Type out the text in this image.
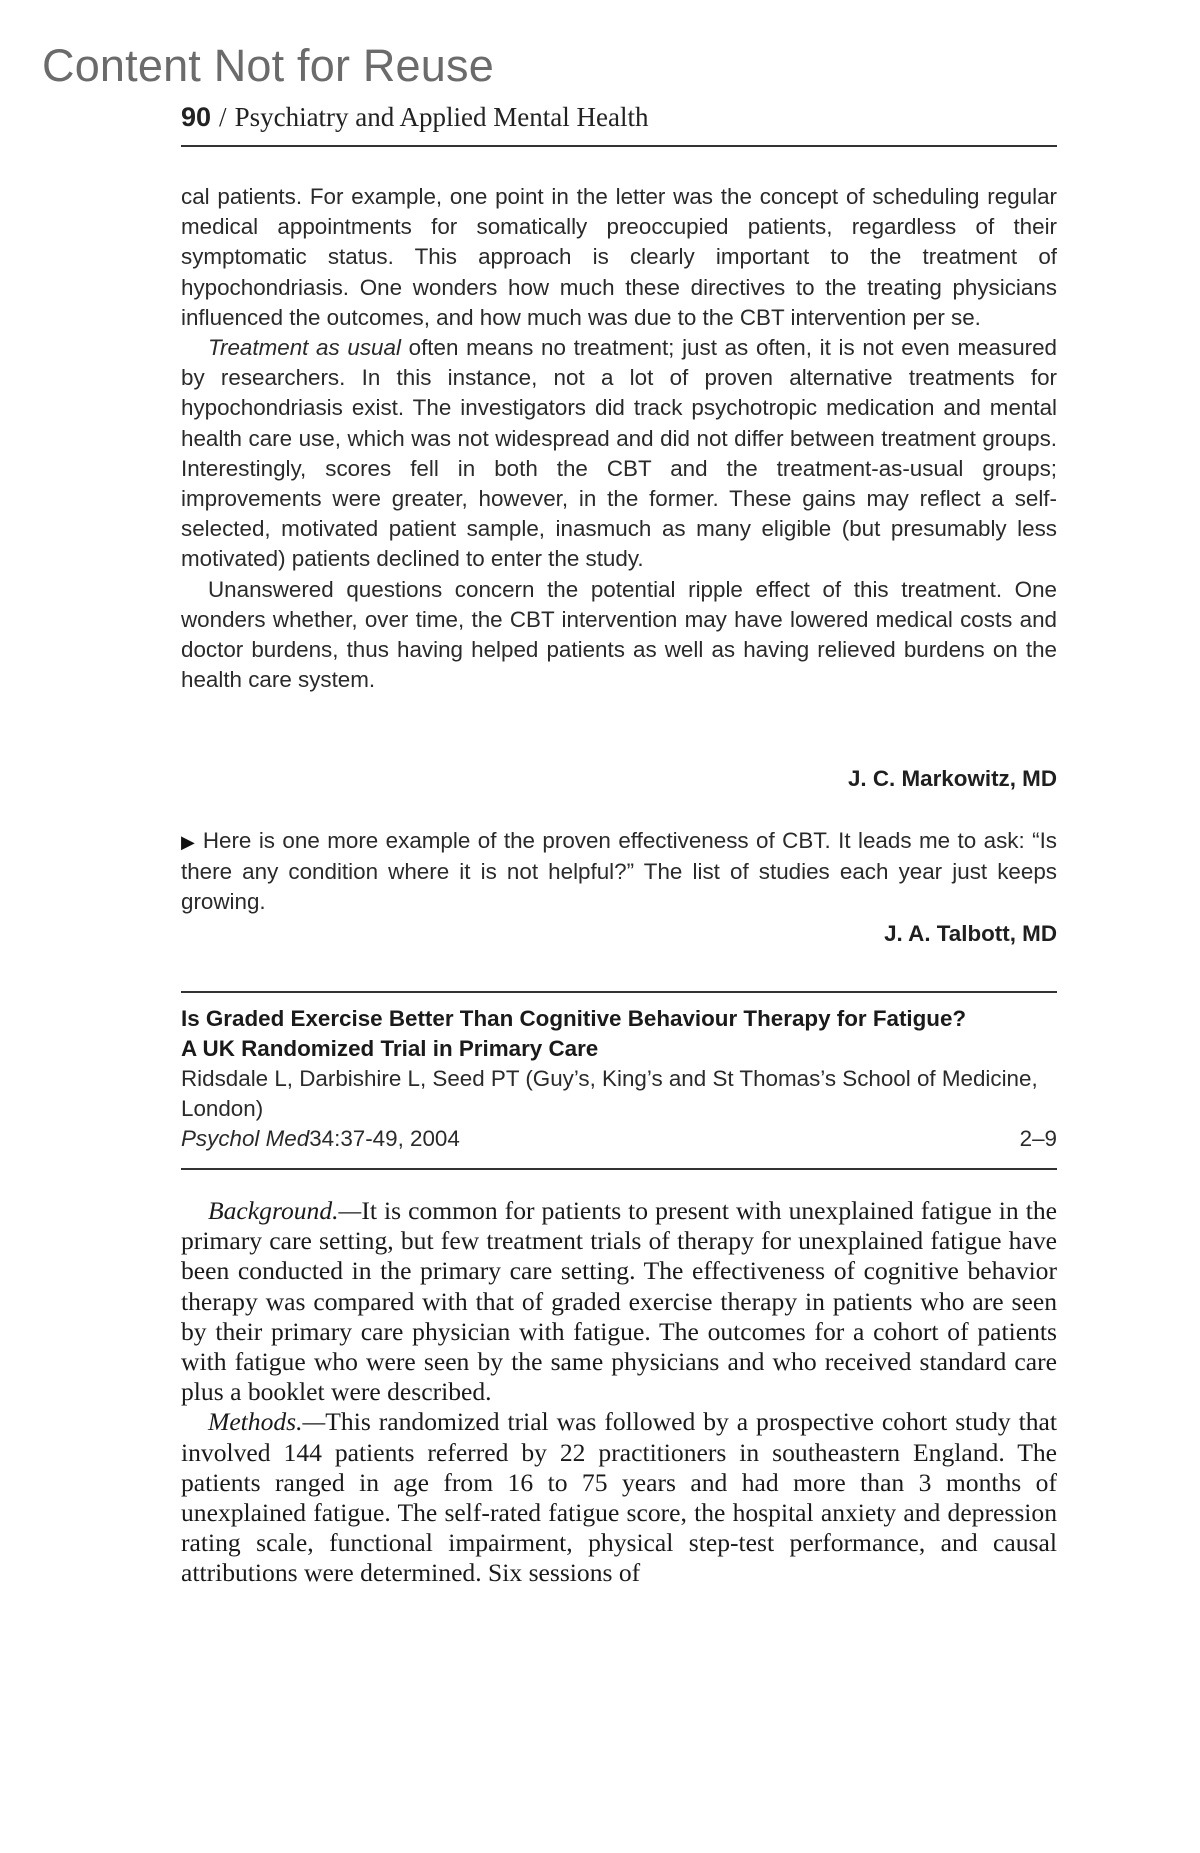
Content Not for Reuse
90 / Psychiatry and Applied Mental Health

cal patients. For example, one point in the letter was the concept of scheduling regular medical appointments for somatically preoccupied patients, regardless of their symptomatic status. This approach is clearly important to the treatment of hypochondriasis. One wonders how much these directives to the treating physicians influenced the outcomes, and how much was due to the CBT intervention per se.

Treatment as usual often means no treatment; just as often, it is not even measured by researchers. In this instance, not a lot of proven alternative treatments for hypochondriasis exist. The investigators did track psychotropic medication and mental health care use, which was not widespread and did not differ between treatment groups. Interestingly, scores fell in both the CBT and the treatment-as-usual groups; improvements were greater, however, in the former. These gains may reflect a self-selected, motivated patient sample, inasmuch as many eligible (but presumably less motivated) patients declined to enter the study.

Unanswered questions concern the potential ripple effect of this treatment. One wonders whether, over time, the CBT intervention may have lowered medical costs and doctor burdens, thus having helped patients as well as having relieved burdens on the health care system.

J. C. Markowitz, MD

▶ Here is one more example of the proven effectiveness of CBT. It leads me to ask: “Is there any condition where it is not helpful?” The list of studies each year just keeps growing.

J. A. Talbott, MD
Is Graded Exercise Better Than Cognitive Behaviour Therapy for Fatigue?
A UK Randomized Trial in Primary Care
Ridsdale L, Darbishire L, Seed PT (Guy’s, King’s and St Thomas’s School of Medicine, London)
Psychol Med34:37-49, 2004	2–9

Background.—It is common for patients to present with unexplained fatigue in the primary care setting, but few treatment trials of therapy for unexplained fatigue have been conducted in the primary care setting. The effectiveness of cognitive behavior therapy was compared with that of graded exercise therapy in patients who are seen by their primary care physician with fatigue. The outcomes for a cohort of patients with fatigue who were seen by the same physicians and who received standard care plus a booklet were described.

Methods.—This randomized trial was followed by a prospective cohort study that involved 144 patients referred by 22 practitioners in southeastern England. The patients ranged in age from 16 to 75 years and had more than 3 months of unexplained fatigue. The self-rated fatigue score, the hospital anxiety and depression rating scale, functional impairment, physical step-test performance, and causal attributions were determined. Six sessions of
